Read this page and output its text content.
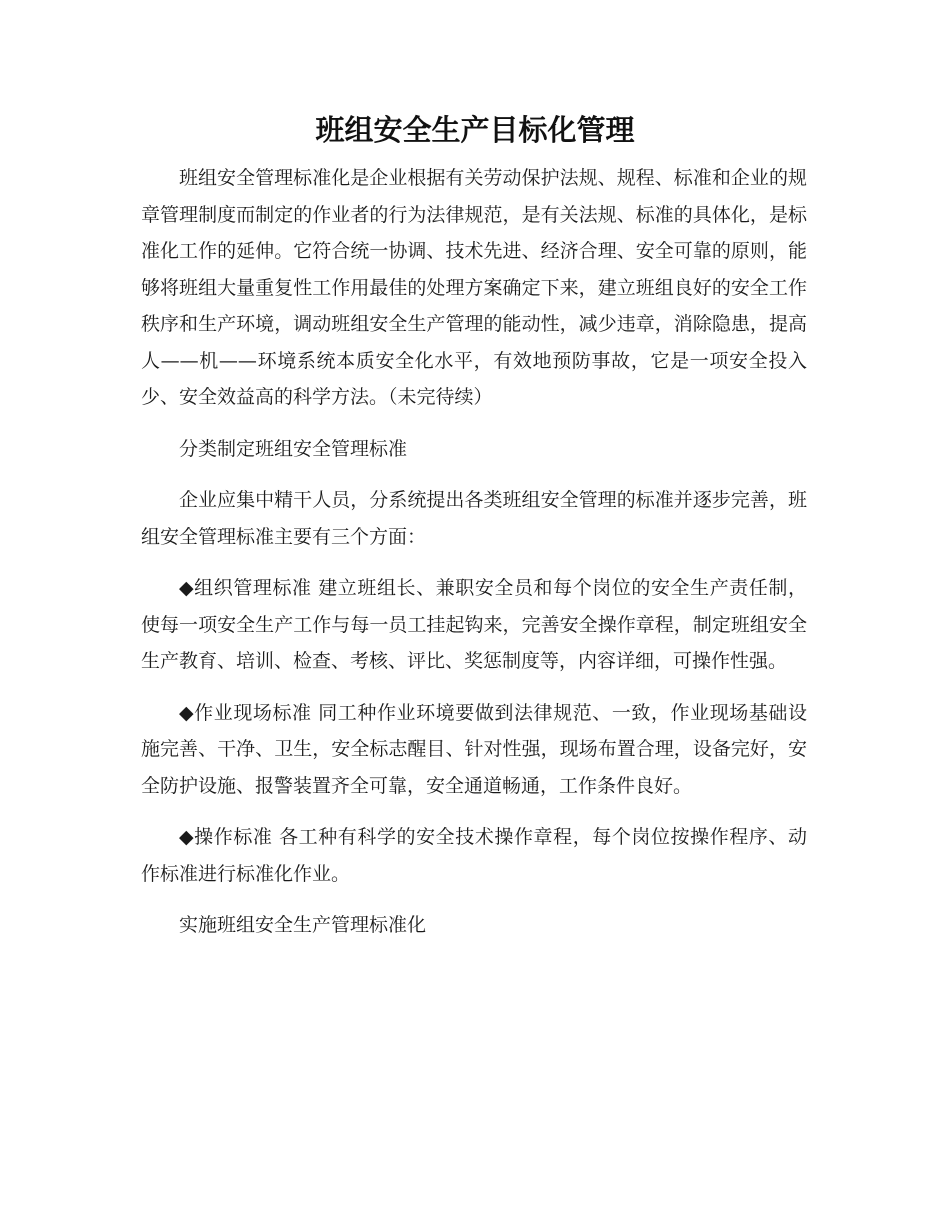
班组安全生产目标化管理

班组安全管理标准化是企业根据有关劳动保护法规、规程、标准和企业的规章管理制度而制定的作业者的行为法律规范，是有关法规、标准的具体化，是标准化工作的延伸。它符合统一协调、技术先进、经济合理、安全可靠的原则，能够将班组大量重复性工作用最佳的处理方案确定下来，建立班组良好的安全工作秩序和生产环境，调动班组安全生产管理的能动性，减少违章，消除隐患，提高人——机——环境系统本质安全化水平，有效地预防事故，它是一项安全投入少、安全效益高的科学方法。（未完待续）

分类制定班组安全管理标准

企业应集中精干人员，分系统提出各类班组安全管理的标准并逐步完善，班组安全管理标准主要有三个方面：

◆组织管理标准 建立班组长、兼职安全员和每个岗位的安全生产责任制，使每一项安全生产工作与每一员工挂起钩来，完善安全操作章程，制定班组安全生产教育、培训、检查、考核、评比、奖惩制度等，内容详细，可操作性强。

◆作业现场标准 同工种作业环境要做到法律规范、一致，作业现场基础设施完善、干净、卫生，安全标志醒目、针对性强，现场布置合理，设备完好，安全防护设施、报警装置齐全可靠，安全通道畅通，工作条件良好。

◆操作标准 各工种有科学的安全技术操作章程，每个岗位按操作程序、动作标准进行标准化作业。

实施班组安全生产管理标准化
